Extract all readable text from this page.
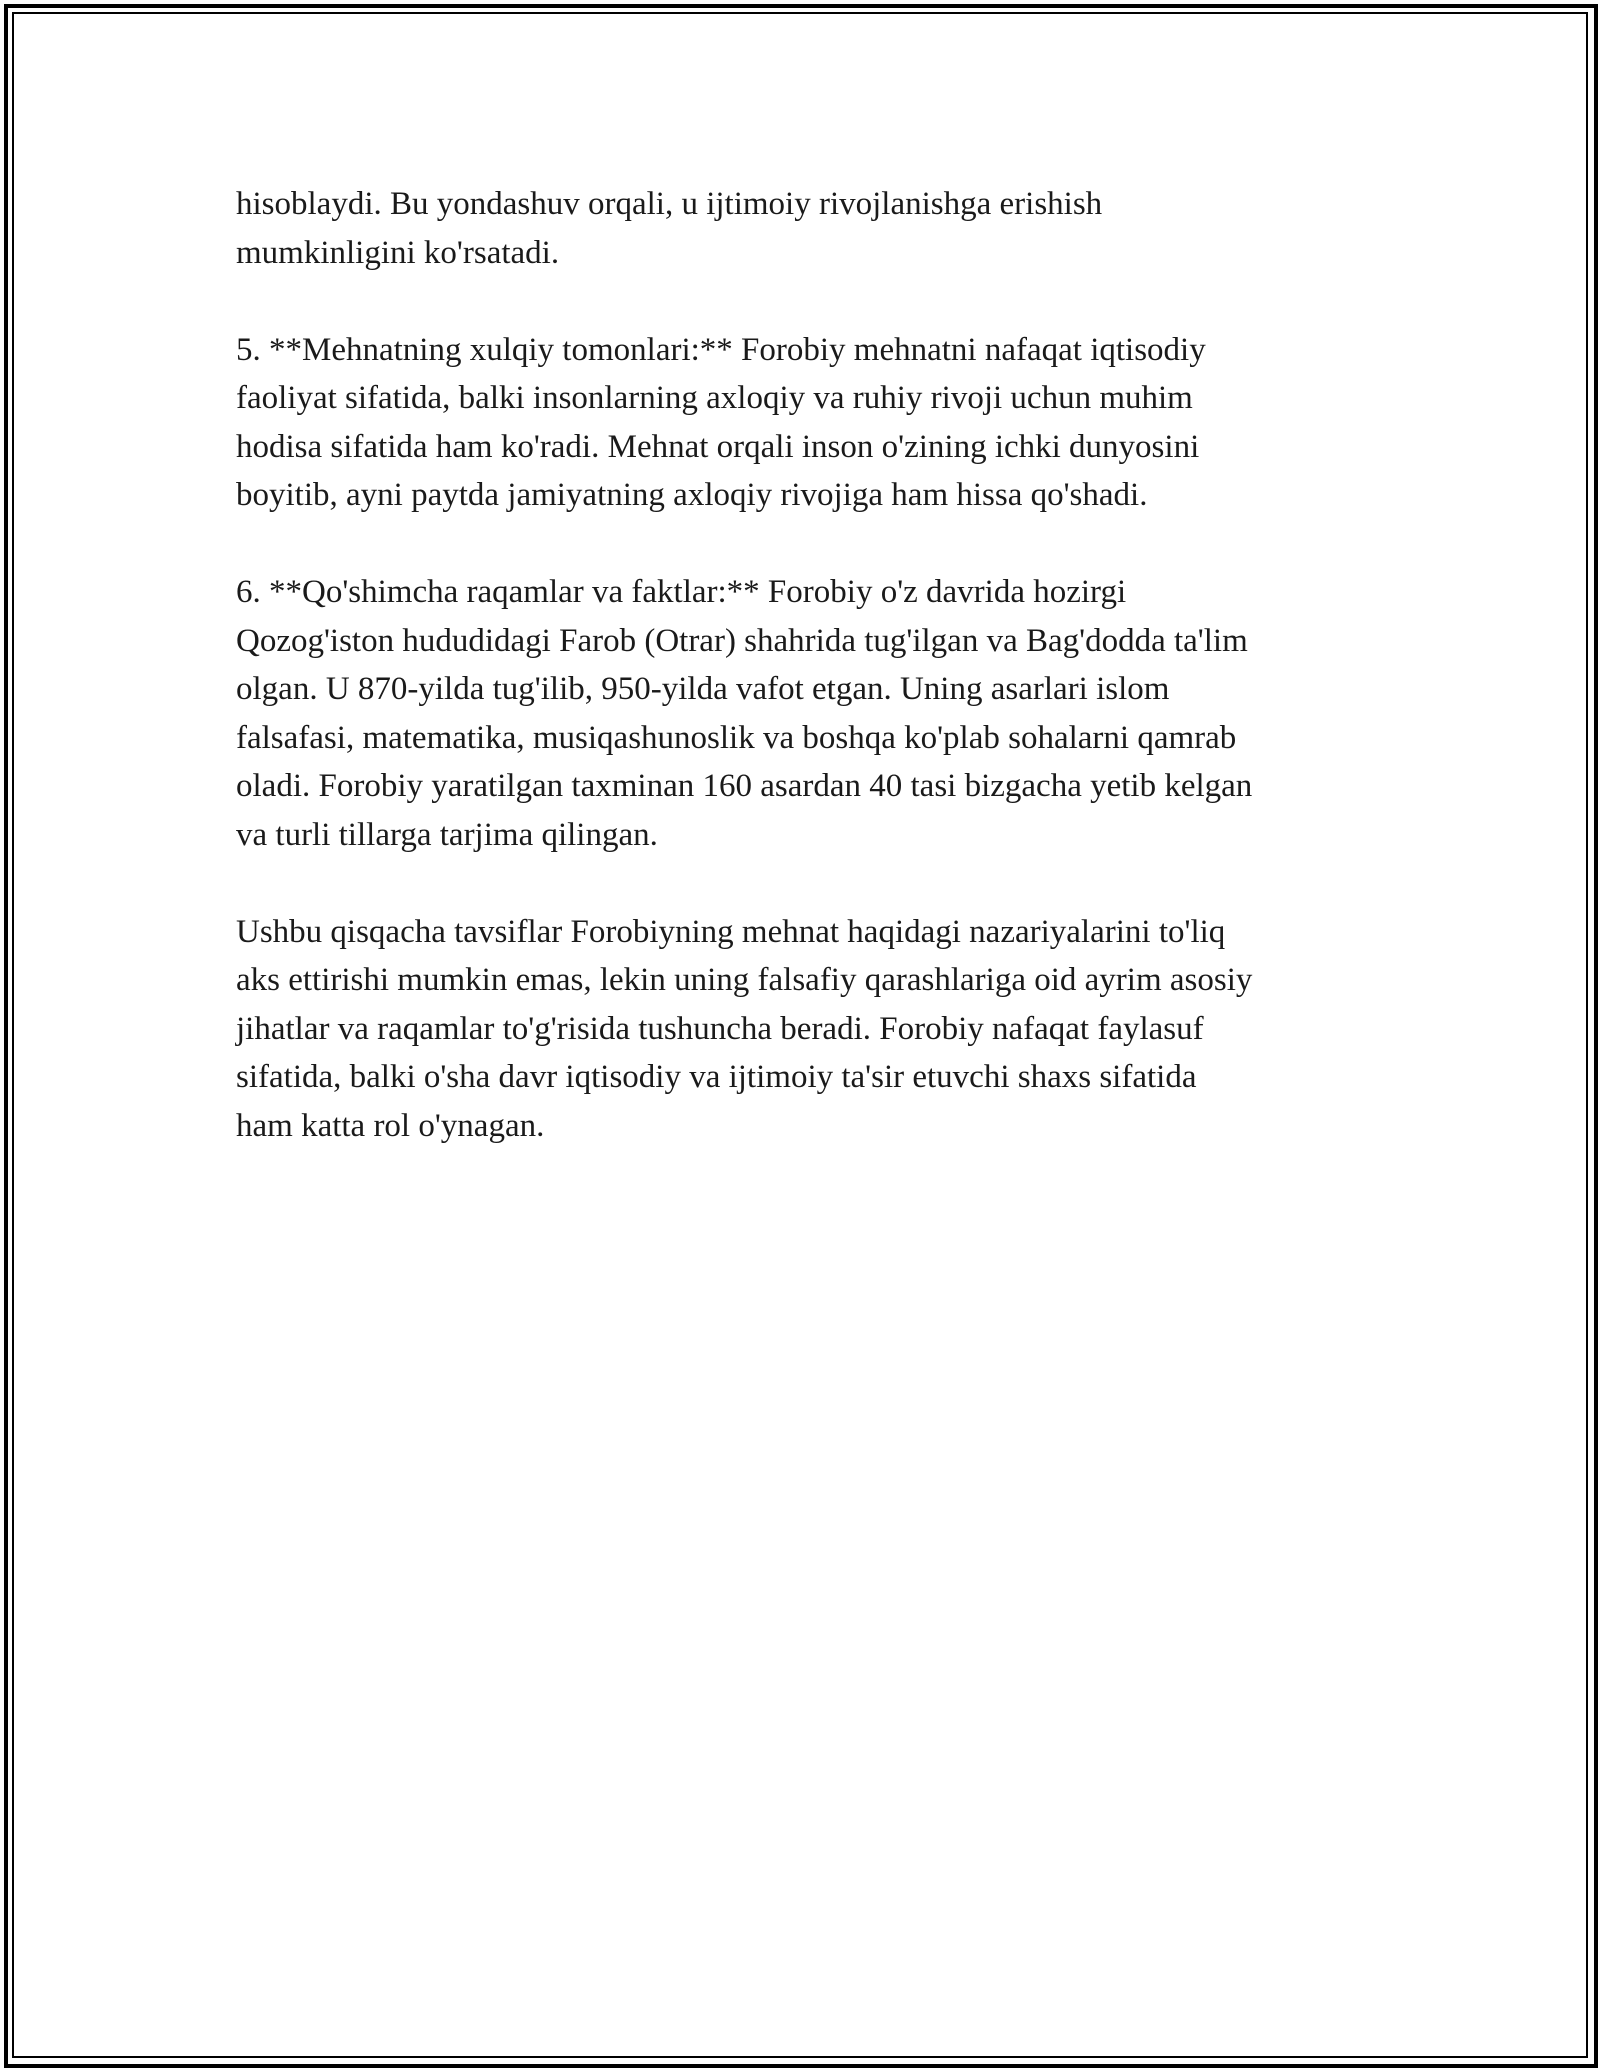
hisoblaydi. Bu yondashuv orqali, u ijtimoiy rivojlanishga erishish
mumkinligini ko'rsatadi.

5. **Mehnatning xulqiy tomonlari:** Forobiy mehnatni nafaqat iqtisodiy
faoliyat sifatida, balki insonlarning axloqiy va ruhiy rivoji uchun muhim
hodisa sifatida ham ko'radi. Mehnat orqali inson o'zining ichki dunyosini
boyitib, ayni paytda jamiyatning axloqiy rivojiga ham hissa qo'shadi.

6. **Qo'shimcha raqamlar va faktlar:** Forobiy o'z davrida hozirgi
Qozog'iston hududidagi Farob (Otrar) shahrida tug'ilgan va Bag'dodda ta'lim
olgan. U 870-yilda tug'ilib, 950-yilda vafot etgan. Uning asarlari islom
falsafasi, matematika, musiqashunoslik va boshqa ko'plab sohalarni qamrab
oladi. Forobiy yaratilgan taxminan 160 asardan 40 tasi bizgacha yetib kelgan
va turli tillarga tarjima qilingan.

Ushbu qisqacha tavsiflar Forobiyning mehnat haqidagi nazariyalarini to'liq
aks ettirishi mumkin emas, lekin uning falsafiy qarashlariga oid ayrim asosiy
jihatlar va raqamlar to'g'risida tushuncha beradi. Forobiy nafaqat faylasuf
sifatida, balki o'sha davr iqtisodiy va ijtimoiy ta'sir etuvchi shaxs sifatida
ham katta rol o'ynagan.
